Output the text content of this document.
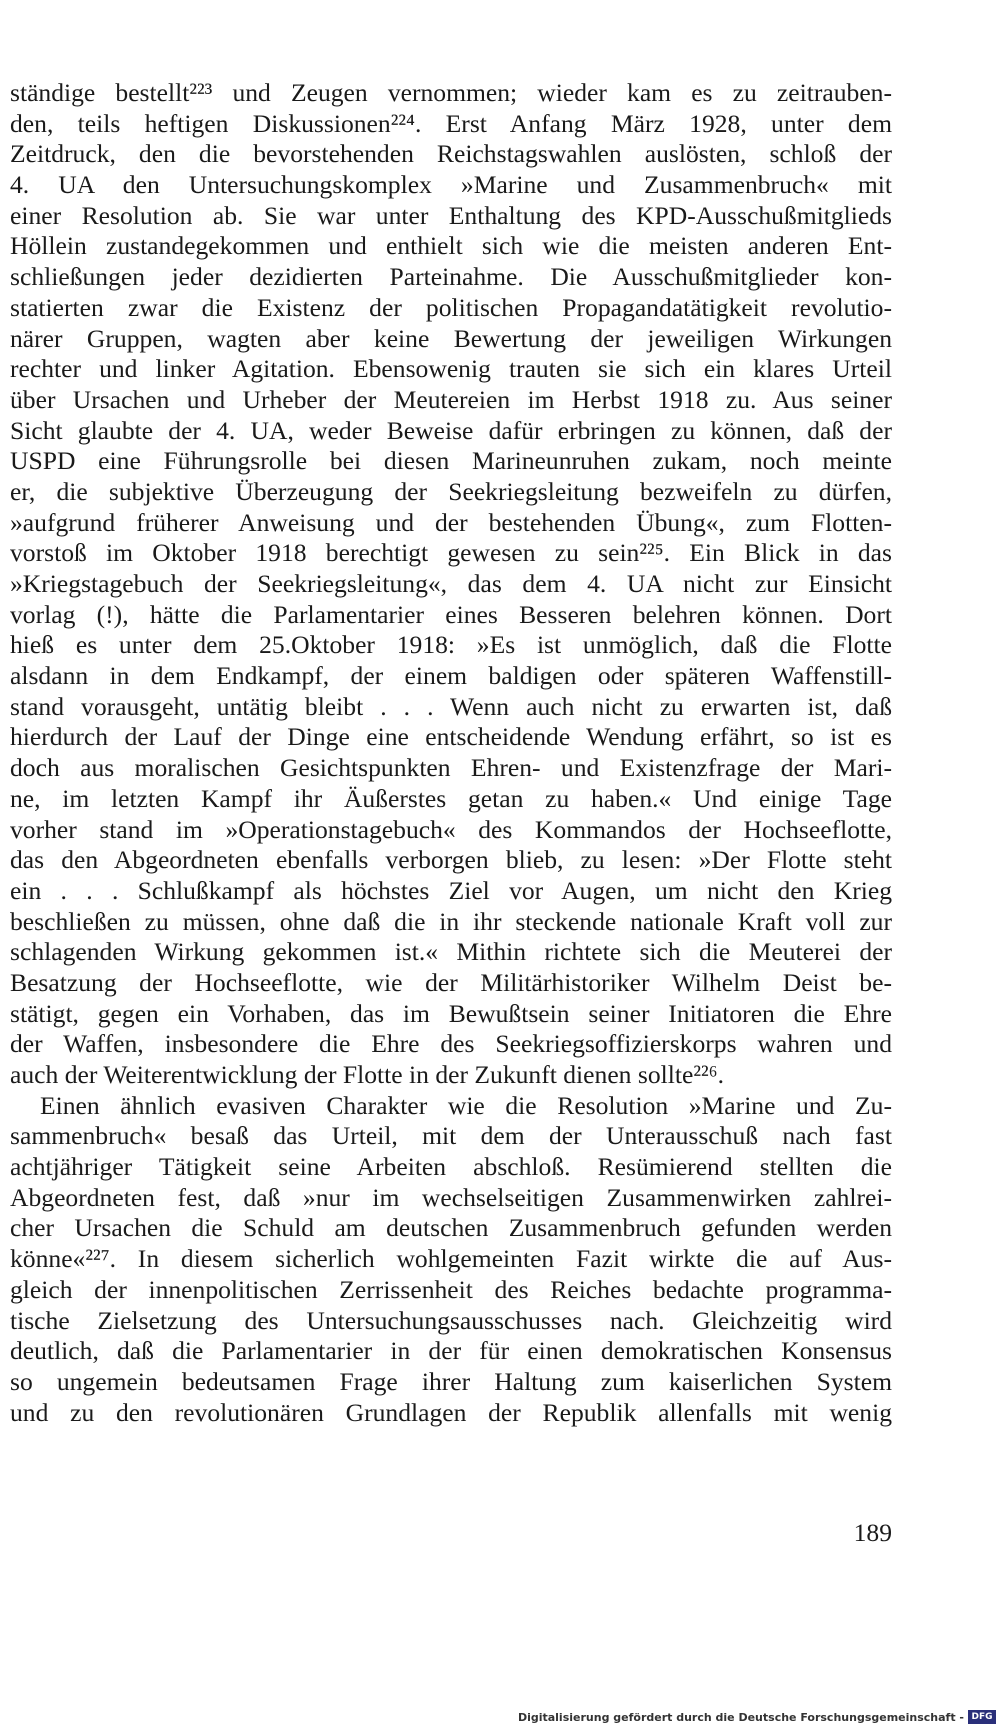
ständige bestellt²²³ und Zeugen vernommen; wieder kam es zu zeitrauben-
den, teils heftigen Diskussionen²²⁴. Erst Anfang März 1928, unter dem
Zeitdruck, den die bevorstehenden Reichstagswahlen auslösten, schloß der
4. UA den Untersuchungskomplex »Marine und Zusammenbruch« mit
einer Resolution ab. Sie war unter Enthaltung des KPD-Ausschußmitglieds
Höllein zustandegekommen und enthielt sich wie die meisten anderen Ent-
schließungen jeder dezidierten Parteinahme. Die Ausschußmitglieder kon-
statierten zwar die Existenz der politischen Propagandatätigkeit revolutio-
närer Gruppen, wagten aber keine Bewertung der jeweiligen Wirkungen
rechter und linker Agitation. Ebensowenig trauten sie sich ein klares Urteil
über Ursachen und Urheber der Meutereien im Herbst 1918 zu. Aus seiner
Sicht glaubte der 4. UA, weder Beweise dafür erbringen zu können, daß der
USPD eine Führungsrolle bei diesen Marineunruhen zukam, noch meinte
er, die subjektive Überzeugung der Seekriegsleitung bezweifeln zu dürfen,
»aufgrund früherer Anweisung und der bestehenden Übung«, zum Flotten-
vorstoß im Oktober 1918 berechtigt gewesen zu sein²²⁵. Ein Blick in das
»Kriegstagebuch der Seekriegsleitung«, das dem 4. UA nicht zur Einsicht
vorlag (!), hätte die Parlamentarier eines Besseren belehren können. Dort
hieß es unter dem 25.Oktober 1918: »Es ist unmöglich, daß die Flotte
alsdann in dem Endkampf, der einem baldigen oder späteren Waffenstill-
stand vorausgeht, untätig bleibt . . . Wenn auch nicht zu erwarten ist, daß
hierdurch der Lauf der Dinge eine entscheidende Wendung erfährt, so ist es
doch aus moralischen Gesichtspunkten Ehren- und Existenzfrage der Mari-
ne, im letzten Kampf ihr Äußerstes getan zu haben.« Und einige Tage
vorher stand im »Operationstagebuch« des Kommandos der Hochseeflotte,
das den Abgeordneten ebenfalls verborgen blieb, zu lesen: »Der Flotte steht
ein . . . Schlußkampf als höchstes Ziel vor Augen, um nicht den Krieg
beschließen zu müssen, ohne daß die in ihr steckende nationale Kraft voll zur
schlagenden Wirkung gekommen ist.« Mithin richtete sich die Meuterei der
Besatzung der Hochseeflotte, wie der Militärhistoriker Wilhelm Deist be-
stätigt, gegen ein Vorhaben, das im Bewußtsein seiner Initiatoren die Ehre
der Waffen, insbesondere die Ehre des Seekriegsoffizierskorps wahren und
auch der Weiterentwicklung der Flotte in der Zukunft dienen sollte²²⁶.
Einen ähnlich evasiven Charakter wie die Resolution »Marine und Zu-
sammenbruch« besaß das Urteil, mit dem der Unterausschuß nach fast
achtjähriger Tätigkeit seine Arbeiten abschloß. Resümierend stellten die
Abgeordneten fest, daß »nur im wechselseitigen Zusammenwirken zahlrei-
cher Ursachen die Schuld am deutschen Zusammenbruch gefunden werden
könne«²²⁷. In diesem sicherlich wohlgemeinten Fazit wirkte die auf Aus-
gleich der innenpolitischen Zerrissenheit des Reiches bedachte programma-
tische Zielsetzung des Untersuchungsausschusses nach. Gleichzeitig wird
deutlich, daß die Parlamentarier in der für einen demokratischen Konsensus
so ungemein bedeutsamen Frage ihrer Haltung zum kaiserlichen System
und zu den revolutionären Grundlagen der Republik allenfalls mit wenig
189
Digitalisierung gefördert durch die Deutsche Forschungsgemeinschaft - DFG
